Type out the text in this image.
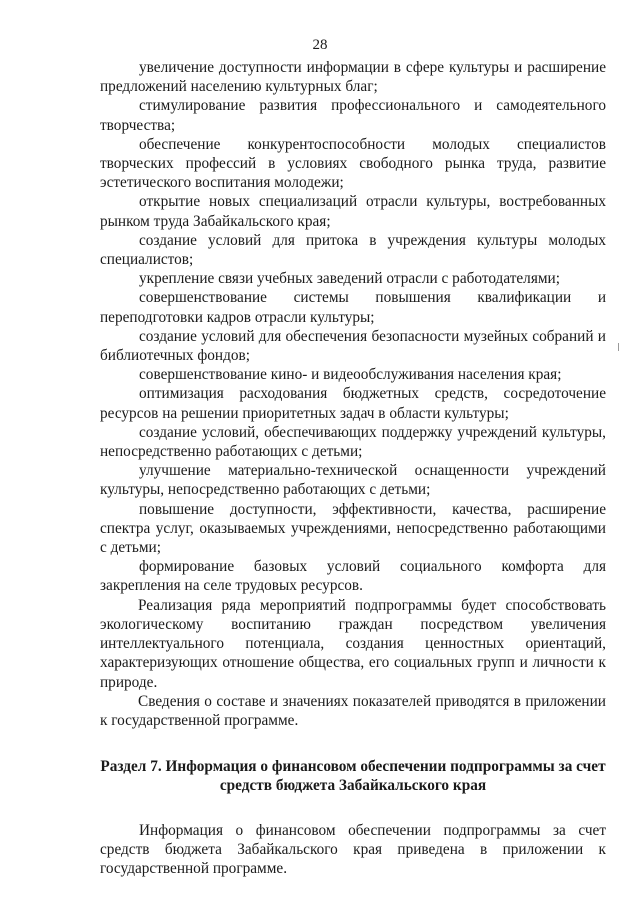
28

увеличение доступности информации в сфере культуры и расширение предложений населению культурных благ;

стимулирование развития профессионального и самодеятельного творчества;

обеспечение конкурентоспособности молодых специалистов творческих профессий в условиях свободного рынка труда, развитие эстетического воспитания молодежи;

открытие новых специализаций отрасли культуры, востребованных рынком труда Забайкальского края;

создание условий для притока в учреждения культуры молодых специалистов;

укрепление связи учебных заведений отрасли с работодателями;

совершенствование системы повышения квалификации и переподготовки кадров отрасли культуры;

создание условий для обеспечения безопасности музейных собраний и библиотечных фондов;

совершенствование кино- и видеообслуживания населения края;

оптимизация расходования бюджетных средств, сосредоточение ресурсов на решении приоритетных задач в области культуры;

создание условий, обеспечивающих поддержку учреждений культуры, непосредственно работающих с детьми;

улучшение материально-технической оснащенности учреждений культуры, непосредственно работающих с детьми;

повышение доступности, эффективности, качества, расширение спектра услуг, оказываемых учреждениями, непосредственно работающими с детьми;

формирование базовых условий социального комфорта для закрепления на селе трудовых ресурсов.

Реализация ряда мероприятий подпрограммы будет способствовать экологическому воспитанию граждан посредством увеличения интеллектуального потенциала, создания ценностных ориентаций, характеризующих отношение общества, его социальных групп и личности к природе.

Сведения о составе и значениях показателей приводятся в приложении к государственной программе.

Раздел 7. Информация о финансовом обеспечении подпрограммы за счет средств бюджета Забайкальского края

Информация о финансовом обеспечении подпрограммы за счет средств бюджета Забайкальского края приведена в приложении к государственной программе.
